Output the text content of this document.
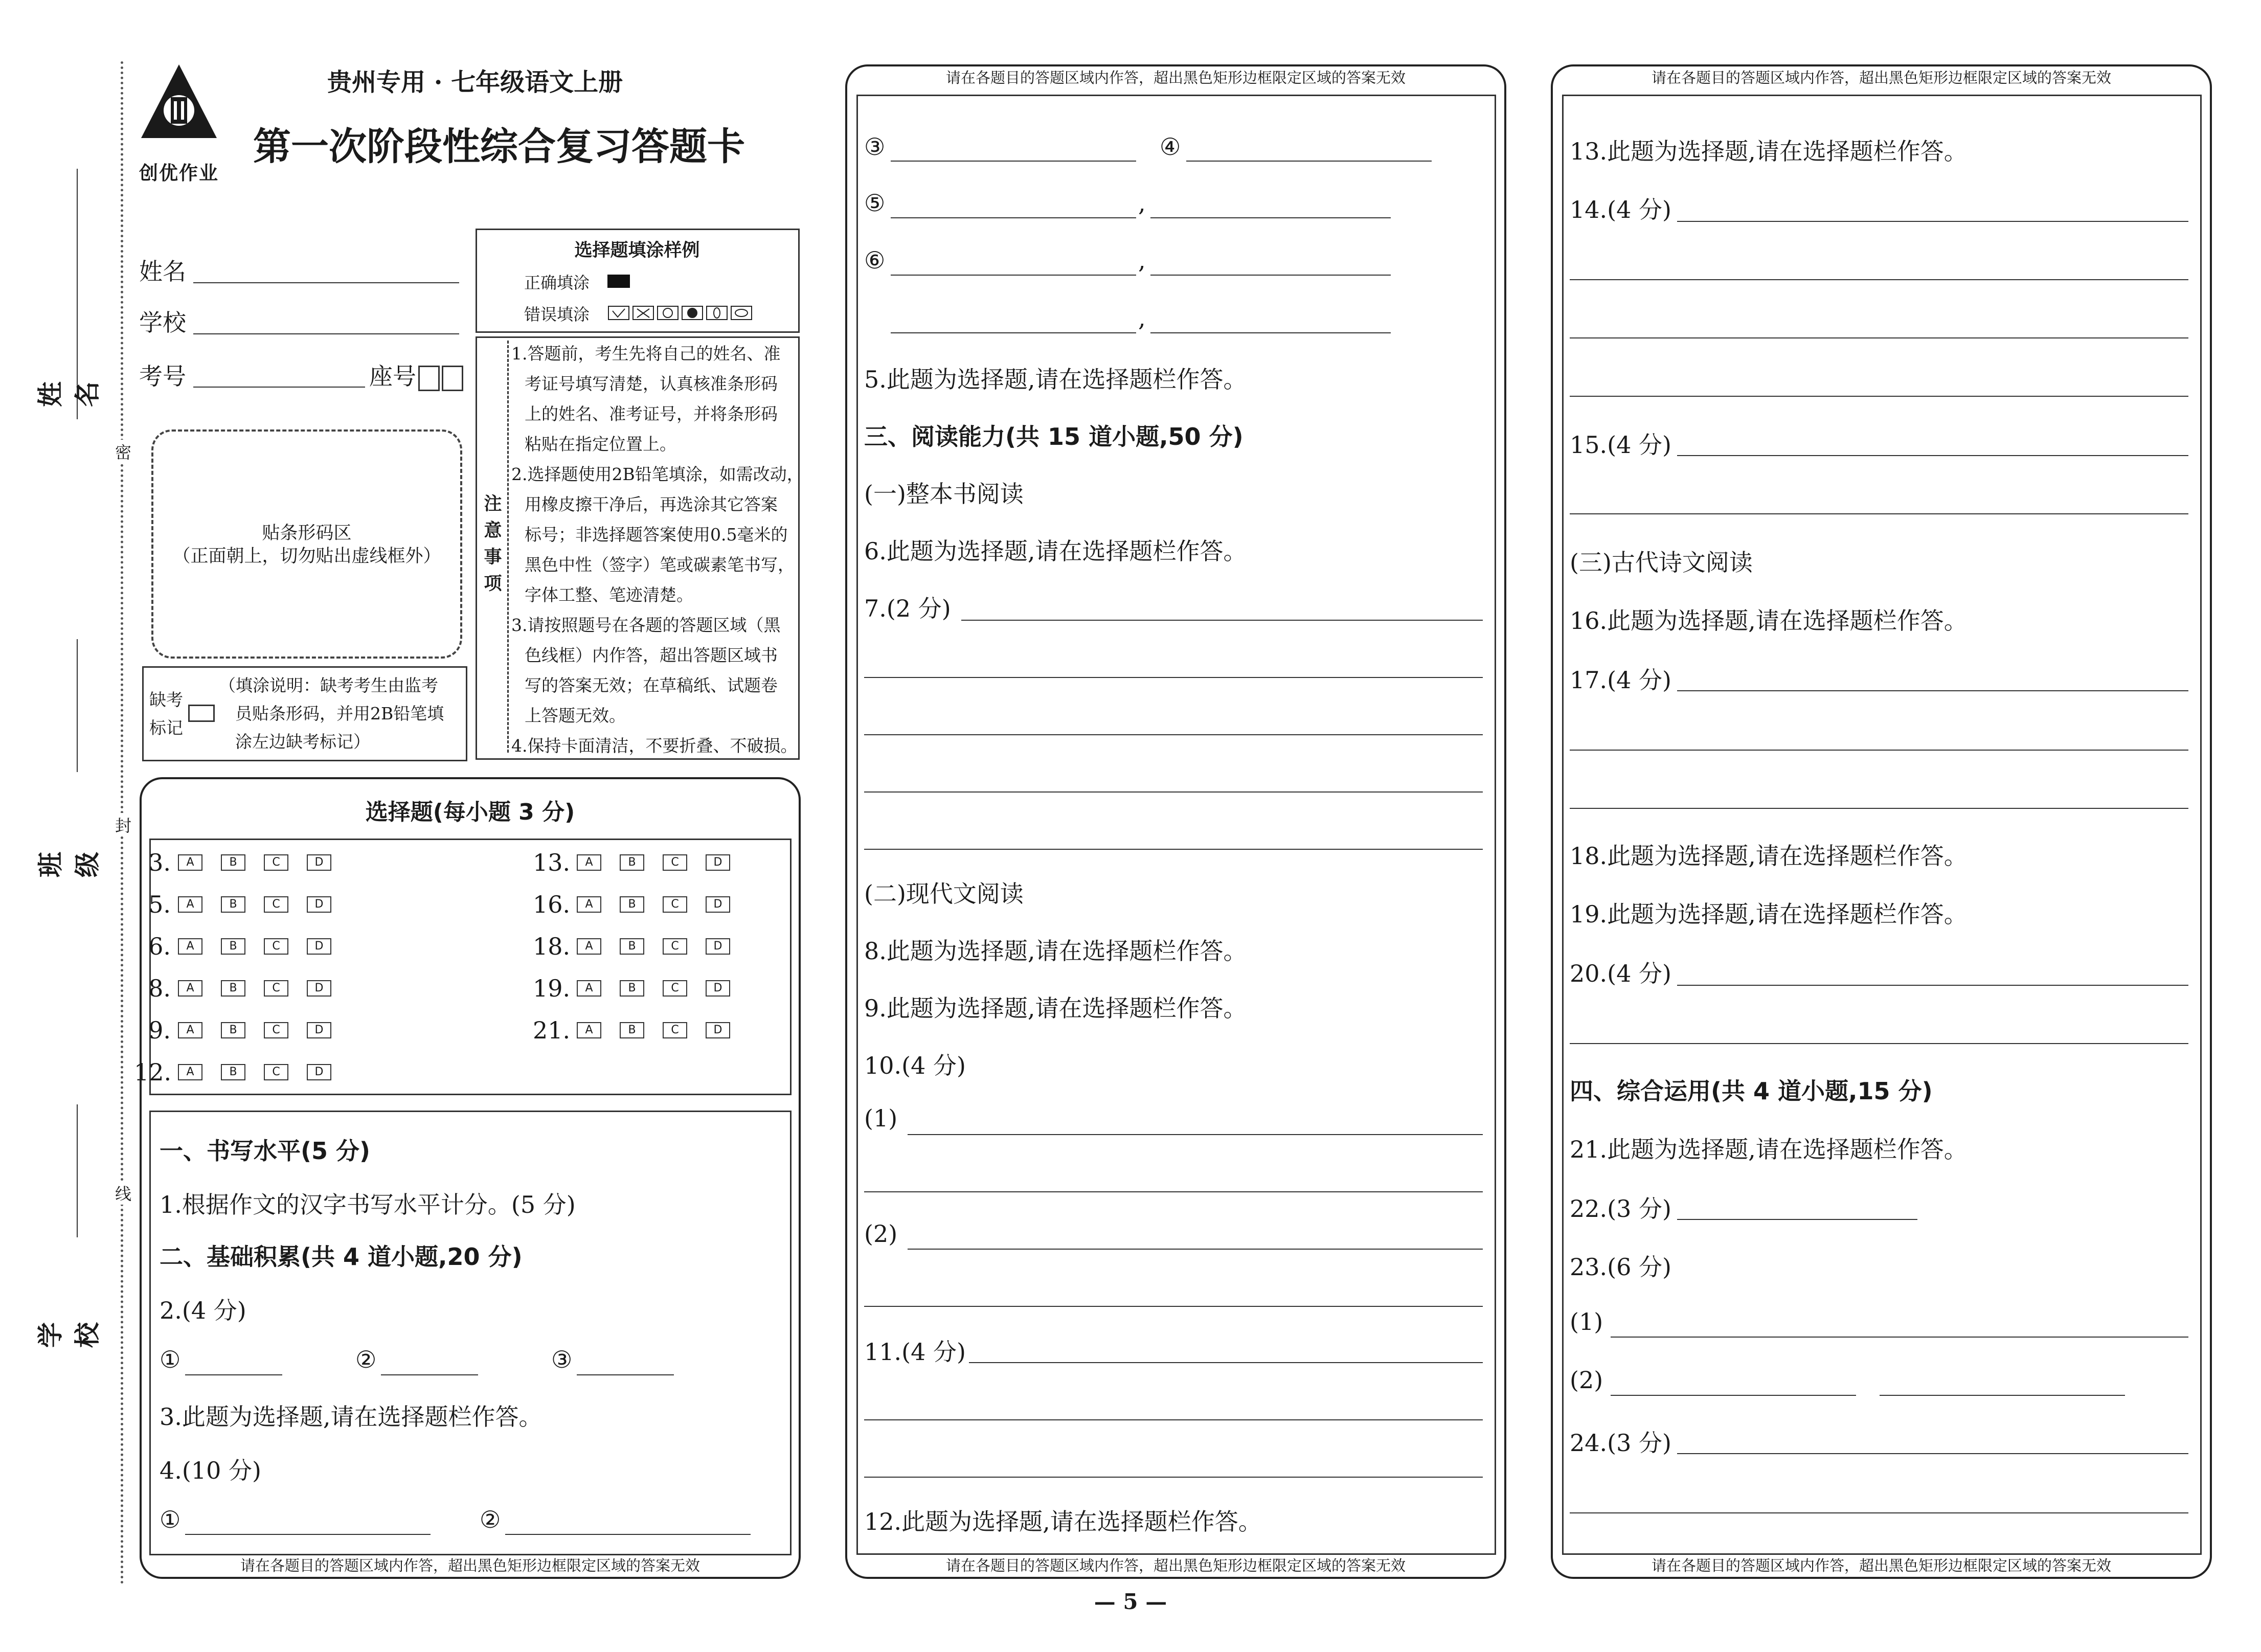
姓名
班级
学校
密
封
线
创优作业
贵州专用 · 七年级语文上册
第一次阶段性综合复习答题卡
姓名
学校
考号	座号
贴条形码区
（正面朝上，切勿贴出虚线框外）
缺考
标记
（填涂说明：缺考考生由监考
员贴条形码，并用2B铅笔填
涂左边缺考标记）
选择题填涂样例
正确填涂
错误填涂
注
意
事
项
1.答题前，考生先将自己的姓名、准
考证号填写清楚，认真核准条形码
上的姓名、准考证号，并将条形码
粘贴在指定位置上。
2.选择题使用2B铅笔填涂，如需改动，
用橡皮擦干净后，再选涂其它答案
标号；非选择题答案使用0.5毫米的
黑色中性（签字）笔或碳素笔书写，
字体工整、笔迹清楚。
3.请按照题号在各题的答题区域（黑
色线框）内作答，超出答题区域书
写的答案无效；在草稿纸、试题卷
上答题无效。
4.保持卡面清洁，不要折叠、不破损。
选择题(每小题 3 分)
3. A	B	C	D
5. A	B	C	D
6. A	B	C	D
8. A	B	C	D
9. A	B	C	D
12. A	B	C	D
13. A	B	C	D
16. A	B	C	D
18. A	B	C	D
19. A	B	C	D
21. A	B	C	D
一、书写水平(5 分)
1.根据作文的汉字书写水平计分。(5 分)
二、基础积累(共 4 道小题,20 分)
2.(4 分)
①	②	③
3.此题为选择题,请在选择题栏作答。
4.(10 分)
①	②
请在各题目的答题区域内作答，超出黑色矩形边框限定区域的答案无效
请在各题目的答题区域内作答，超出黑色矩形边框限定区域的答案无效
请在各题目的答题区域内作答，超出黑色矩形边框限定区域的答案无效
③	④
⑤	,
⑥	,
,
5.此题为选择题,请在选择题栏作答。
三、阅读能力(共 15 道小题,50 分)
(一)整本书阅读
6.此题为选择题,请在选择题栏作答。
7.(2 分)
(二)现代文阅读
8.此题为选择题,请在选择题栏作答。
9.此题为选择题,请在选择题栏作答。
10.(4 分)
(1)
(2)
11.(4 分)
12.此题为选择题,请在选择题栏作答。
请在各题目的答题区域内作答，超出黑色矩形边框限定区域的答案无效
请在各题目的答题区域内作答，超出黑色矩形边框限定区域的答案无效
13.此题为选择题,请在选择题栏作答。
14.(4 分)
15.(4 分)
(三)古代诗文阅读
16.此题为选择题,请在选择题栏作答。
17.(4 分)
18.此题为选择题,请在选择题栏作答。
19.此题为选择题,请在选择题栏作答。
20.(4 分)
四、综合运用(共 4 道小题,15 分)
21.此题为选择题,请在选择题栏作答。
22.(3 分)
23.(6 分)
(1)
(2)
24.(3 分)
— 5 —
